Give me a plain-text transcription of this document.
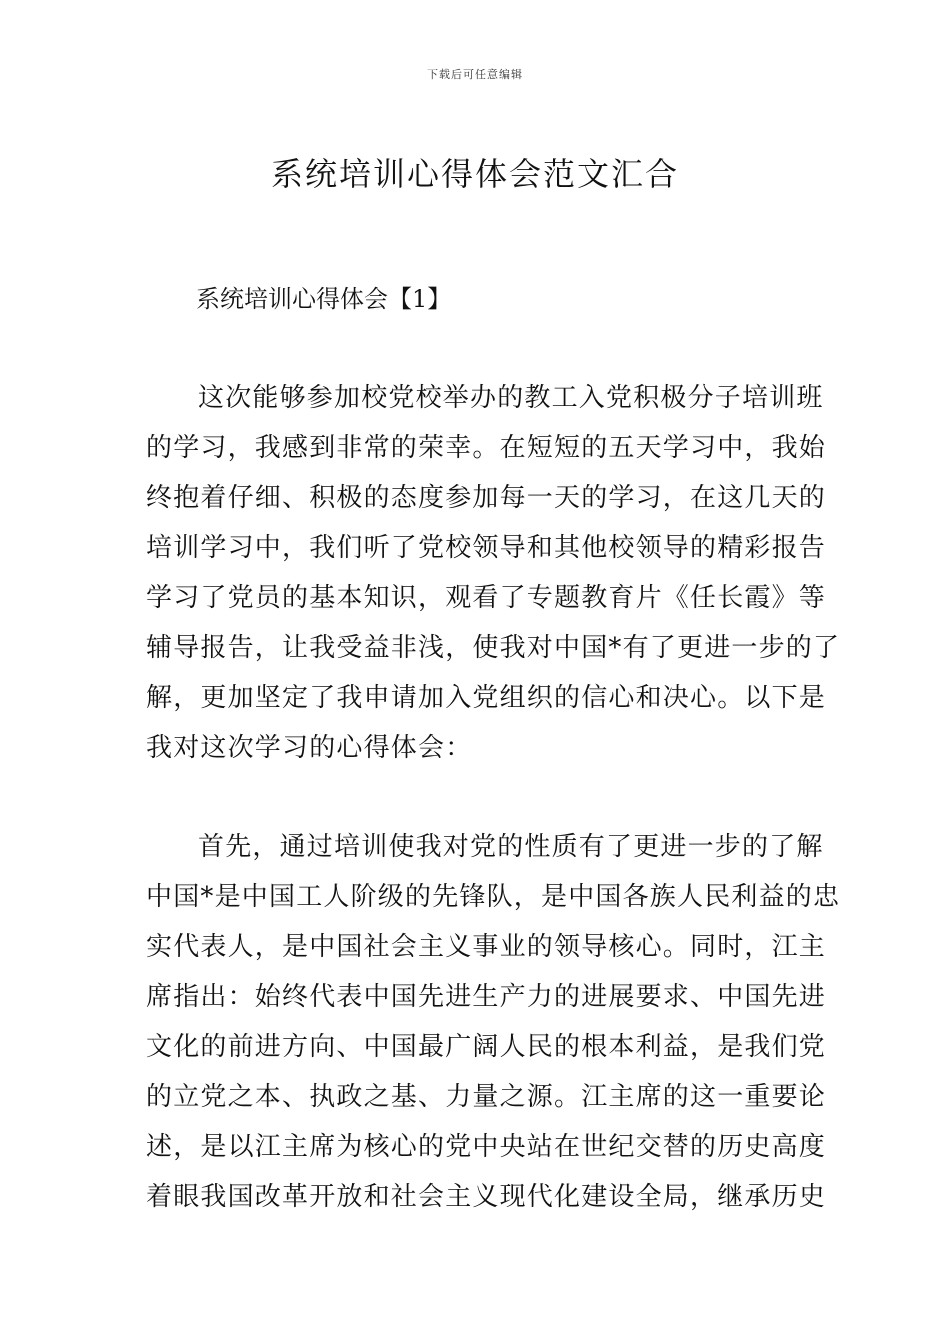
下载后可任意编辑
系统培训心得体会范文汇合
系统培训心得体会【1】
这次能够参加校党校举办的教工入党积极分子培训班
的学习，我感到非常的荣幸。在短短的五天学习中，我始
终抱着仔细、积极的态度参加每一天的学习，在这几天的
培训学习中，我们听了党校领导和其他校领导的精彩报告
学习了党员的基本知识，观看了专题教育片《任长霞》等
辅导报告，让我受益非浅，使我对中国*有了更进一步的了
解，更加坚定了我申请加入党组织的信心和决心。以下是
我对这次学习的心得体会：
首先，通过培训使我对党的性质有了更进一步的了解
中国*是中国工人阶级的先锋队，是中国各族人民利益的忠
实代表人，是中国社会主义事业的领导核心。同时，江主
席指出：始终代表中国先进生产力的进展要求、中国先进
文化的前进方向、中国最广阔人民的根本利益，是我们党
的立党之本、执政之基、力量之源。江主席的这一重要论
述，是以江主席为核心的党中央站在世纪交替的历史高度
着眼我国改革开放和社会主义现代化建设全局，继承历史
